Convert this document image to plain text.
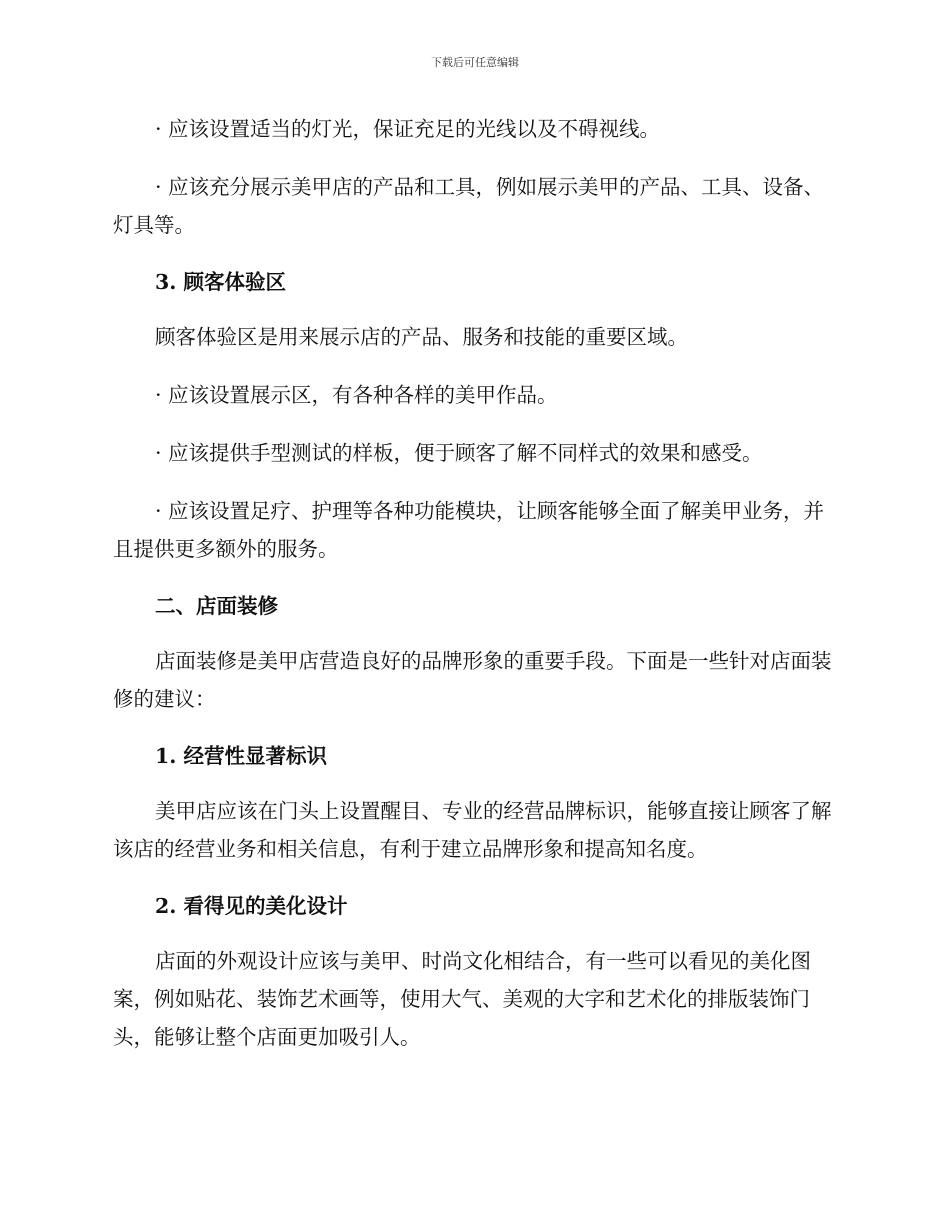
下载后可任意编辑

· 应该设置适当的灯光，保证充足的光线以及不碍视线。

· 应该充分展示美甲店的产品和工具，例如展示美甲的产品、工具、设备、灯具等。

3. 顾客体验区

顾客体验区是用来展示店的产品、服务和技能的重要区域。

· 应该设置展示区，有各种各样的美甲作品。

· 应该提供手型测试的样板，便于顾客了解不同样式的效果和感受。

· 应该设置足疗、护理等各种功能模块，让顾客能够全面了解美甲业务，并且提供更多额外的服务。

二、店面装修

店面装修是美甲店营造良好的品牌形象的重要手段。下面是一些针对店面装修的建议：

1. 经营性显著标识

美甲店应该在门头上设置醒目、专业的经营品牌标识，能够直接让顾客了解该店的经营业务和相关信息，有利于建立品牌形象和提高知名度。

2. 看得见的美化设计

店面的外观设计应该与美甲、时尚文化相结合，有一些可以看见的美化图案，例如贴花、装饰艺术画等，使用大气、美观的大字和艺术化的排版装饰门头，能够让整个店面更加吸引人。
